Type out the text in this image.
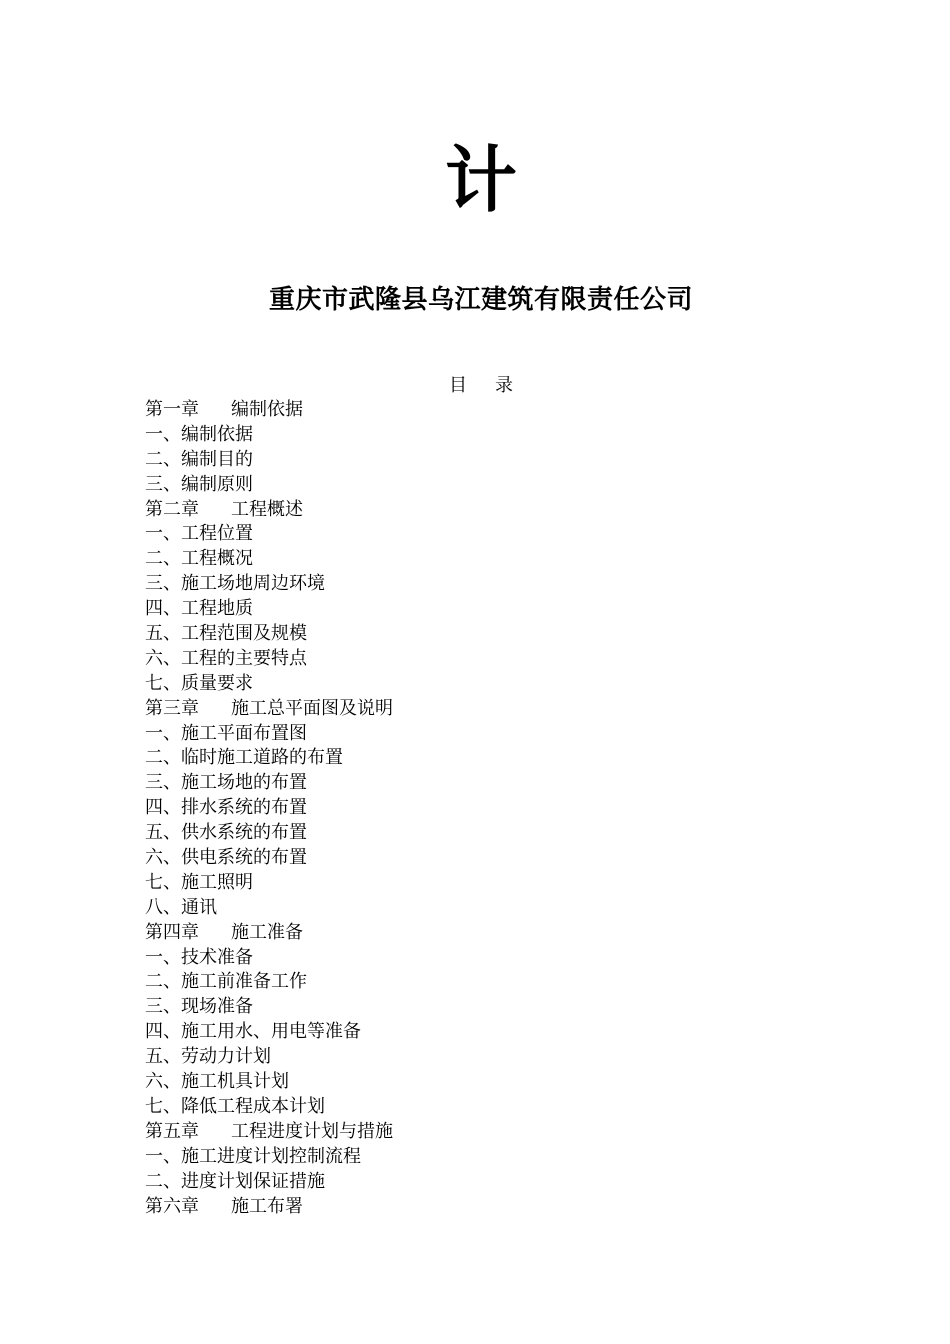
计
重庆市武隆县乌江建筑有限责任公司
目 录
第一章 编制依据
一、编制依据
二、编制目的
三、编制原则
第二章 工程概述
一、工程位置
二、工程概况
三、施工场地周边环境
四、工程地质
五、工程范围及规模
六、工程的主要特点
七、质量要求
第三章 施工总平面图及说明
一、施工平面布置图
二、临时施工道路的布置
三、施工场地的布置
四、排水系统的布置
五、供水系统的布置
六、供电系统的布置
七、施工照明
八、通讯
第四章 施工准备
一、技术准备
二、施工前准备工作
三、现场准备
四、施工用水、用电等准备
五、劳动力计划
六、施工机具计划
七、降低工程成本计划
第五章 工程进度计划与措施
一、施工进度计划控制流程
二、进度计划保证措施
第六章 施工布署
